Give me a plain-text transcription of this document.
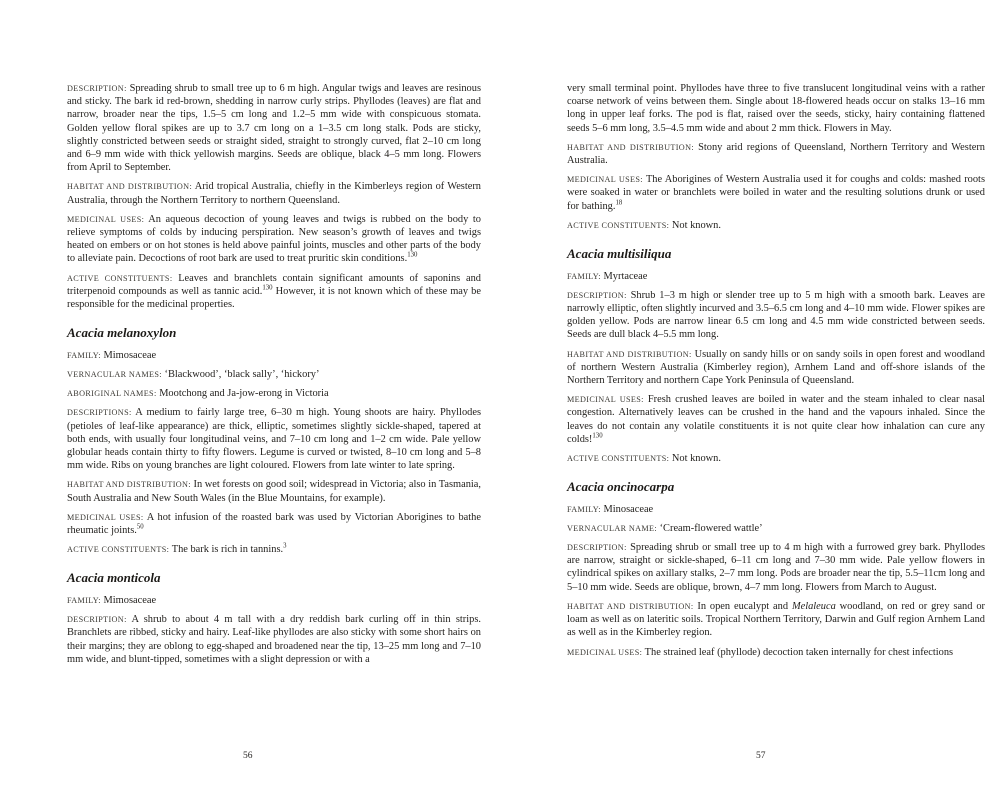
DESCRIPTION: Spreading shrub to small tree up to 6 m high. Angular twigs and leaves are resinous and sticky. The bark id red-brown, shedding in narrow curly strips. Phyllodes (leaves) are flat and narrow, broader near the tips, 1.5–5 cm long and 1.2–5 mm wide with conspicuous stomata. Golden yellow floral spikes are up to 3.7 cm long on a 1–3.5 cm long stalk. Pods are sticky, slightly constricted between seeds or straight sided, straight to strongly curved, flat 2–10 cm long and 6–9 mm wide with thick yellowish margins. Seeds are oblique, black 4–5 mm long. Flowers from April to September.

HABITAT AND DISTRIBUTION: Arid tropical Australia, chiefly in the Kimberleys region of Western Australia, through the Northern Territory to northern Queensland.

MEDICINAL USES: An aqueous decoction of young leaves and twigs is rubbed on the body to relieve symptoms of colds by inducing perspiration. New season’s growth of leaves and twigs heated on embers or on hot stones is held above painful joints, muscles and other parts of the body to alleviate pain. Decoctions of root bark are used to treat pruritic skin conditions.$^{130}$

ACTIVE CONSTITUENTS: Leaves and branchlets contain significant amounts of saponins and triterpenoid compounds as well as tannic acid.$^{130}$ However, it is not known which of these may be responsible for the medicinal properties.

Acacia melanoxylon

FAMILY: Mimosaceae

VERNACULAR NAMES: ‘Blackwood’, ‘black sally’, ‘hickory’

ABORIGINAL NAMES: Mootchong and Ja-jow-erong in Victoria

DESCRIPTIONS: A medium to fairly large tree, 6–30 m high. Young shoots are hairy. Phyllodes (petioles of leaf-like appearance) are thick, elliptic, sometimes slightly sickle-shaped, tapered at both ends, with usually four longitudinal veins, and 7–10 cm long and 1–2 cm wide. Pale yellow globular heads contain thirty to fifty flowers. Legume is curved or twisted, 8–10 cm long and 5–8 mm wide. Ribs on young branches are light coloured. Flowers from late winter to late spring.

HABITAT AND DISTRIBUTION: In wet forests on good soil; widespread in Victoria; also in Tasmania, South Australia and New South Wales (in the Blue Mountains, for example).

MEDICINAL USES: A hot infusion of the roasted bark was used by Victorian Aborigines to bathe rheumatic joints.$^{50}$

ACTIVE CONSTITUENTS: The bark is rich in tannins.$^3$

Acacia monticola

FAMILY: Mimosaceae

DESCRIPTION: A shrub to about 4 m tall with a dry reddish bark curling off in thin strips. Branchlets are ribbed, sticky and hairy. Leaf-like phyllodes are also sticky with some short hairs on their margins; they are oblong to egg-shaped and broadened near the tip, 13–25 mm long and 7–10 mm wide, and blunt-tipped, sometimes with a slight depression or with a

56

very small terminal point. Phyllodes have three to five translucent longitudinal veins with a rather coarse network of veins between them. Single about 18-flowered heads occur on stalks 13–16 mm long in upper leaf forks. The pod is flat, raised over the seeds, sticky, hairy containing flattened seeds 5–6 mm long, 3.5–4.5 mm wide and about 2 mm thick. Flowers in May.

HABITAT AND DISTRIBUTION: Stony arid regions of Queensland, Northern Territory and Western Australia.

MEDICINAL USES: The Aborigines of Western Australia used it for coughs and colds: mashed roots were soaked in water or branchlets were boiled in water and the resulting solutions drunk or used for bathing.$^{18}$

ACTIVE CONSTITUENTS: Not known.

Acacia multisiliqua

FAMILY: Myrtaceae

DESCRIPTION: Shrub 1–3 m high or slender tree up to 5 m high with a smooth bark. Leaves are narrowly elliptic, often slightly incurved and 3.5–6.5 cm long and 4–10 mm wide. Flower spikes are golden yellow. Pods are narrow linear 6.5 cm long and 4.5 mm wide constricted between seeds. Seeds are dull black 4–5.5 mm long.

HABITAT AND DISTRIBUTION: Usually on sandy hills or on sandy soils in open forest and woodland of northern Western Australia (Kimberley region), Arnhem Land and off-shore islands of the Northern Territory and northern Cape York Peninsula of Queensland.

MEDICINAL USES: Fresh crushed leaves are boiled in water and the steam inhaled to clear nasal congestion. Alternatively leaves can be crushed in the hand and the vapours inhaled. Since the leaves do not contain any volatile constituents it is not quite clear how inhalation can cure any colds!$^{130}$

ACTIVE CONSTITUENTS: Not known.

Acacia oncinocarpa

FAMILY: Minosaceae

VERNACULAR NAME: ‘Cream-flowered wattle’

DESCRIPTION: Spreading shrub or small tree up to 4 m high with a furrowed grey bark. Phyllodes are narrow, straight or sickle-shaped, 6–11 cm long and 7–30 mm wide. Pale yellow flowers in cylindrical spikes on axillary stalks, 2–7 mm long. Pods are broader near the tip, 5.5–11cm long and 5–10 mm wide. Seeds are oblique, brown, 4–7 mm long. Flowers from March to August.

HABITAT AND DISTRIBUTION: In open eucalypt and Melaleuca woodland, on red or grey sand or loam as well as on lateritic soils. Tropical Northern Territory, Darwin and Gulf region Arnhem Land as well as in the Kimberley region.

MEDICINAL USES: The strained leaf (phyllode) decoction taken internally for chest infections

57
